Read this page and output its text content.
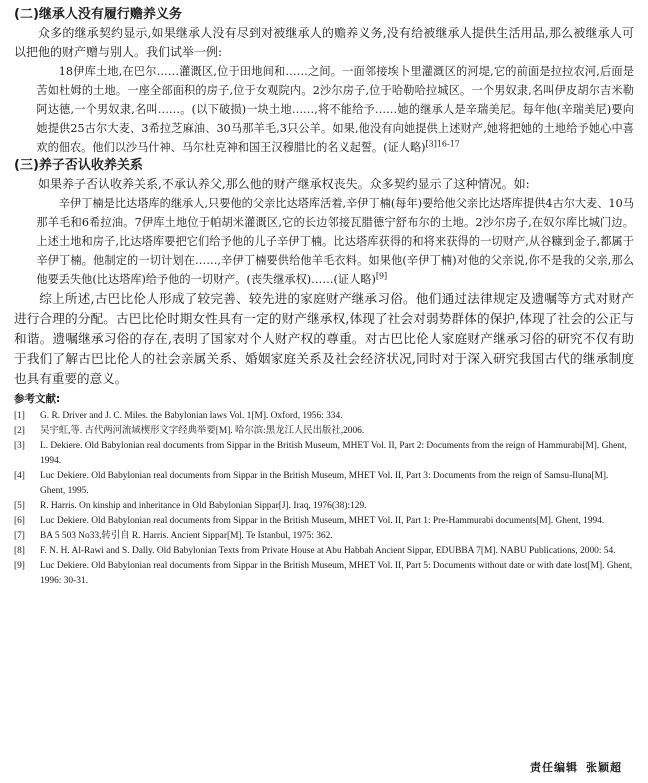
(二)继承人没有履行赡养义务

众多的继承契约显示,如果继承人没有尽到对被继承人的赡养义务,没有给被继承人提供生活用品,那么被继承人可以把他的财产赠与别人。我们试举一例:

18伊库土地,在巴尔……灌溉区,位于田地间和……之间。一面邻接埃卜里灌溉区的河堤,它的前面是拉拉农河,后面是苦如杜姆的土地。一座全部面积的房子,位于女观院内。2沙尔房子,位于哈勒哈拉城区。一个男奴隶,名叫伊皮胡尔吉米勒阿达德,一个男奴隶,名叫……。(以下破损)一块土地……,将不能给予……她的继承人是辛瑞美尼。每年他(辛瑞美尼)要向她提供25古尔大麦、3希拉芝麻油、30马那羊毛,3只公羊。如果,他没有向她提供上述财产,她将把她的土地给予她心中喜欢的佃农。他们以沙马什神、马尔杜克神和国王汉穆腊比的名义起誓。(证人略)$^{[3]16-17}$

(三)养子否认收养关系

如果养子否认收养关系,不承认养父,那么他的财产继承权丧失。众多契约显示了这种情况。如:

辛伊丁楠是比达塔库的继承人,只要他的父亲比达塔库活着,辛伊丁楠(每年)要给他父亲比达塔库提供4古尔大麦、10马那羊毛和6希拉油。7伊库土地位于帕胡米灌溉区,它的长边邻接瓦腊德宁舒布尔的土地。2沙尔房子,在奴尔库比城门边。上述土地和房子,比达塔库要把它们给予他的儿子辛伊丁楠。比达塔库获得的和将来获得的一切财产,从谷糠到金子,都属于辛伊丁楠。他制定的一切计划在……,辛伊丁楠要供给他羊毛衣料。如果他(辛伊丁楠)对他的父亲说,你不是我的父亲,那么他要丢失他(比达塔库)给予他的一切财产。(丧失继承权)……(证人略)[9]

综上所述,古巴比伦人形成了较完善、较先进的家庭财产继承习俗。他们通过法律规定及遗嘱等方式对财产进行合理的分配。古巴比伦时期女性具有一定的财产继承权,体现了社会对弱势群体的保护,体现了社会的公正与和谐。遗嘱继承习俗的存在,表明了国家对个人财产权的尊重。对古巴比伦人家庭财产继承习俗的研究不仅有助于我们了解古巴比伦人的社会亲属关系、婚姻家庭关系及社会经济状况,同时对于深入研究我国古代的继承制度也具有重要的意义。

参考文献:

[1]	G. R. Driver and J. C. Miles. the Babylonian laws Vol. 1[M]. Oxford, 1956: 334.
[2]	吴宇虹,等. 古代两河流域楔形文字经典举要[M]. 哈尔滨:黑龙江人民出版社,2006.
[3]	L. Dekiere. Old Babylonian real documents from Sippar in the British Museum, MHET Vol. II, Part 2: Documents from the reign of Hammurabi[M]. Ghent, 1994.
[4]	Luc Dekiere. Old Babylonian real documents from Sippar in the British Museum, MHET Vol. II, Part 3: Documents from the reign of Samsu-Iluna[M]. Ghent, 1995.
[5]	R. Harris. On kinship and inheritance in Old Babylonian Sippar[J]. Iraq, 1976(38):129.
[6]	Luc Dekiere. Old Babylonian real documents from Sippar in the British Museum, MHET Vol. II, Part 1: Pre-Hammurabi documents[M]. Ghent, 1994.
[7]	BA 5 503 No33,转引自 R. Harris. Ancient Sippar[M]. Te Istanbul, 1975: 362.
[8]	F. N. H. Al-Rawi and S. Dally. Old Babylonian Texts from Private House at Abu Habbah Ancient Sippar, EDUBBA 7[M]. NABU Publications, 2000: 54.
[9]	Luc Dekiere. Old Babylonian real documents from Sippar in the British Museum, MHET Vol. II, Part 5: Documents without date or with date lost[M]. Ghent, 1996: 30-31.
责任编辑 张颖超
